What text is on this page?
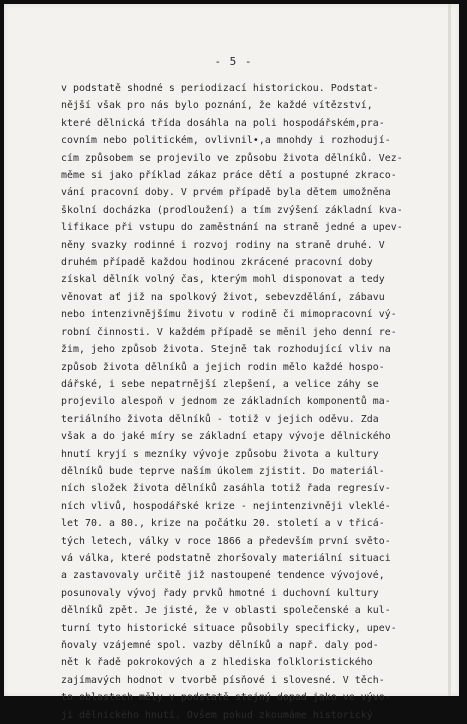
- 5 -
v podstatě shodné s periodizací historickou. Podstat-
nější však pro nás bylo poznání, že každé vítězství,
které dělnická třída dosáhla na poli hospodářském,pra-
covním nebo politickém, ovlivnil•,a mnohdy i rozhodují-
cím způsobem se projevilo ve způsobu života dělníků. Vez-
měme si jako příklad zákaz práce dětí a postupné zkraco-
vání pracovní doby. V prvém případě byla dětem umožněna
školní docházka (prodloužení) a tím zvýšení základní kva-
lifikace při vstupu do zaměstnání na straně jedné a upev-
něny svazky rodinné i rozvoj rodiny na straně druhé. V
druhém případě každou hodinou zkrácené pracovní doby
získal dělník volný čas, kterým mohl disponovat a tedy
věnovat ať již na spolkový život, sebevzdělání, zábavu
nebo intenzivnějšímu životu v rodině či mimopracovní vý-
robní činnosti. V každém případě se měnil jeho denní re-
žim, jeho způsob života. Stejně tak rozhodující vliv na
způsob života dělníků a jejich rodin mělo každé hospo-
dářské, i sebe nepatrnější zlepšení, a velice záhy se
projevilo alespoň v jednom ze základních komponentů ma-
teriálního života dělníků - totiž v jejich oděvu. Zda
však a do jaké míry se základní etapy vývoje dělnického
hnutí kryjí s mezníky vývoje způsobu života a kultury
dělníků bude teprve naším úkolem zjistit. Do materiál-
ních složek života dělníků zasáhla totiž řada regresív-
ních vlivů, hospodářské krize - nejintenzivněji vleklé-
let 70. a 80., krize na počátku 20. století a v třicá-
tých letech, války v roce 1866 a především první světo-
vá válka, které podstatně zhoršovaly materiální situaci
a zastavovaly určitě již nastoupené tendence vývojové,
posunovaly vývoj řady prvků hmotné i duchovní kultury
dělníků zpět. Je jisté, že v oblasti společenské a kul-
turní tyto historické situace působily specificky, upev-
ňovaly vzájemné spol. vazby dělníků a např. daly pod-
nět k řadě pokrokových a z hlediska folkloristického
zajímavých hodnot v tvorbě písňové i slovesné. V těch-
to oblastech měly v podstatě stejný dopad jako ve vývo-
ji dělnického hnutí. Ovšem pokud zkoumáme historický
